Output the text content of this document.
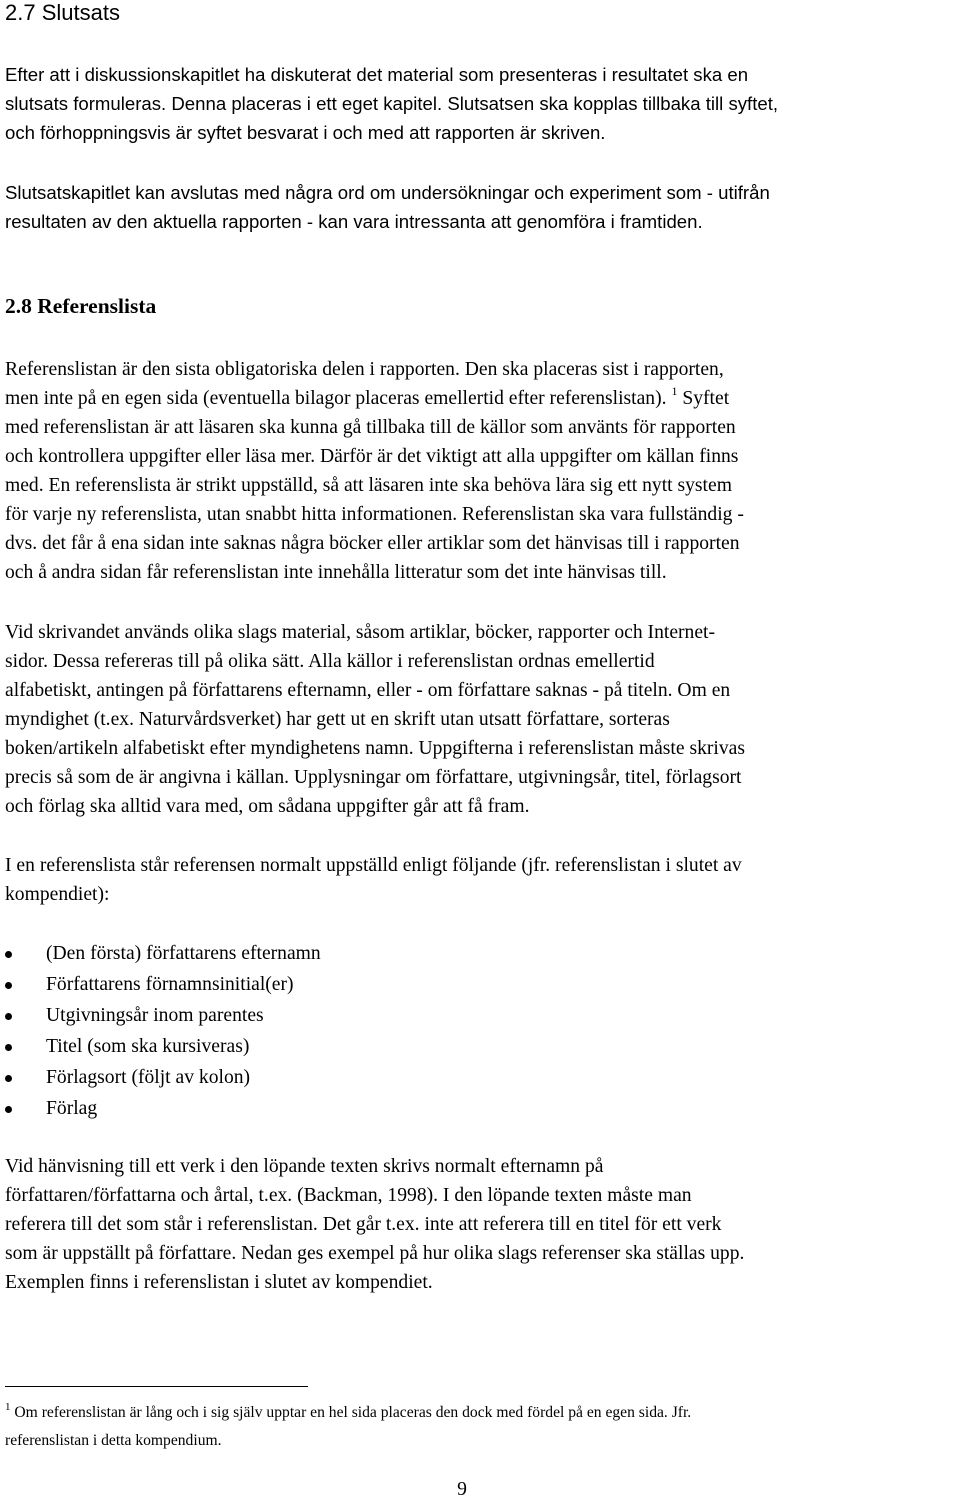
2.7 Slutsats

Efter att i diskussionskapitlet ha diskuterat det material som presenteras i resultatet ska en
slutsats formuleras. Denna placeras i ett eget kapitel. Slutsatsen ska kopplas tillbaka till syftet,
och förhoppningsvis är syftet besvarat i och med att rapporten är skriven.

Slutsatskapitlet kan avslutas med några ord om undersökningar och experiment som - utifrån
resultaten av den aktuella rapporten - kan vara intressanta att genomföra i framtiden.

2.8 Referenslista

Referenslistan är den sista obligatoriska delen i rapporten. Den ska placeras sist i rapporten,
men inte på en egen sida (eventuella bilagor placeras emellertid efter referenslistan). $^1$ Syftet
med referenslistan är att läsaren ska kunna gå tillbaka till de källor som använts för rapporten
och kontrollera uppgifter eller läsa mer. Därför är det viktigt att alla uppgifter om källan finns
med. En referenslista är strikt uppställd, så att läsaren inte ska behöva lära sig ett nytt system
för varje ny referenslista, utan snabbt hitta informationen. Referenslistan ska vara fullständig -
dvs. det får å ena sidan inte saknas några böcker eller artiklar som det hänvisas till i rapporten
och å andra sidan får referenslistan inte innehålla litteratur som det inte hänvisas till.

Vid skrivandet används olika slags material, såsom artiklar, böcker, rapporter och Internet-
sidor. Dessa refereras till på olika sätt. Alla källor i referenslistan ordnas emellertid
alfabetiskt, antingen på författarens efternamn, eller - om författare saknas - på titeln. Om en
myndighet (t.ex. Naturvårdsverket) har gett ut en skrift utan utsatt författare, sorteras
boken/artikeln alfabetiskt efter myndighetens namn. Uppgifterna i referenslistan måste skrivas
precis så som de är angivna i källan. Upplysningar om författare, utgivningsår, titel, förlagsort
och förlag ska alltid vara med, om sådana uppgifter går att få fram.

I en referenslista står referensen normalt uppställd enligt följande (jfr. referenslistan i slutet av
kompendiet):

(Den första) författarens efternamn
Författarens förnamnsinitial(er)
Utgivningsår inom parentes
Titel (som ska kursiveras)
Förlagsort (följt av kolon)
Förlag

Vid hänvisning till ett verk i den löpande texten skrivs normalt efternamn på
författaren/författarna och årtal, t.ex. (Backman, 1998). I den löpande texten måste man
referera till det som står i referenslistan. Det går t.ex. inte att referera till en titel för ett verk
som är uppställt på författare. Nedan ges exempel på hur olika slags referenser ska ställas upp.
Exemplen finns i referenslistan i slutet av kompendiet.

$^1$ Om referenslistan är lång och i sig själv upptar en hel sida placeras den dock med fördel på en egen sida. Jfr.
referenslistan i detta kompendium.

9
